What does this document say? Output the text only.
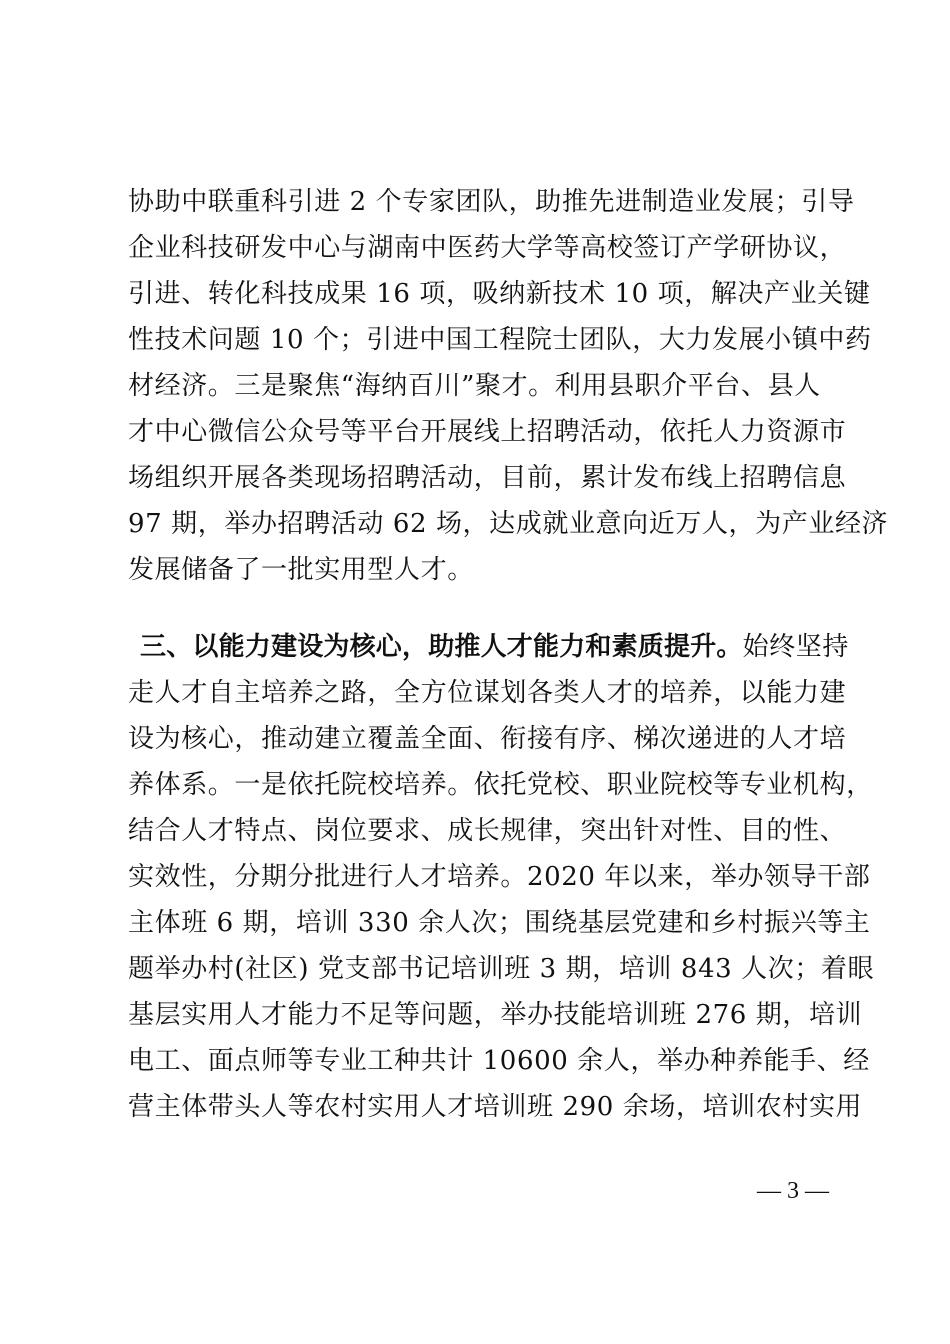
协助中联重科引进 2 个专家团队，助推先进制造业发展；引导
企业科技研发中心与湖南中医药大学等高校签订产学研协议，
引进、转化科技成果 16 项，吸纳新技术 10 项，解决产业关键
性技术问题 10 个；引进中国工程院士团队，大力发展小镇中药
材经济。三是聚焦“海纳百川”聚才。利用县职介平台、县人
才中心微信公众号等平台开展线上招聘活动，依托人力资源市
场组织开展各类现场招聘活动，目前，累计发布线上招聘信息
97 期，举办招聘活动 62 场，达成就业意向近万人，为产业经济
发展储备了一批实用型人才。
三、以能力建设为核心，助推人才能力和素质提升。始终坚持
走人才自主培养之路，全方位谋划各类人才的培养，以能力建
设为核心，推动建立覆盖全面、衔接有序、梯次递进的人才培
养体系。一是依托院校培养。依托党校、职业院校等专业机构，
结合人才特点、岗位要求、成长规律，突出针对性、目的性、
实效性，分期分批进行人才培养。2020 年以来，举办领导干部
主体班 6 期，培训 330 余人次；围绕基层党建和乡村振兴等主
题举办村(社区) 党支部书记培训班 3 期，培训 843 人次；着眼
基层实用人才能力不足等问题，举办技能培训班 276 期，培训
电工、面点师等专业工种共计 10600 余人，举办种养能手、经
营主体带头人等农村实用人才培训班 290 余场，培训农村实用
— 3 —
